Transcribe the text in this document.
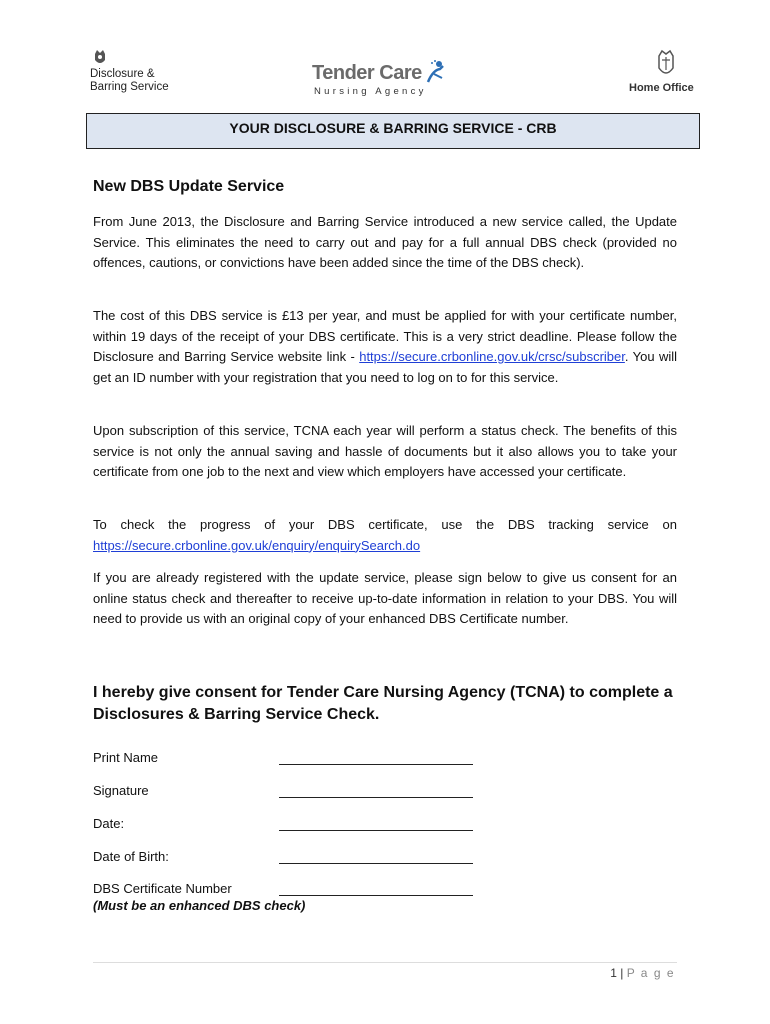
Disclosure &
Barring Service
Tender Care
Nursing Agency	Home Office
YOUR DISCLOSURE & BARRING SERVICE - CRB
New DBS Update Service

From June 2013, the Disclosure and Barring Service introduced a new service called, the Update Service. This eliminates the need to carry out and pay for a full annual DBS check (provided no offences, cautions, or convictions have been added since the time of the DBS check).

The cost of this DBS service is £13 per year, and must be applied for with your certificate number, within 19 days of the receipt of your DBS certificate. This is a very strict deadline. Please follow the Disclosure and Barring Service website link - https://secure.crbonline.gov.uk/crsc/subscriber. You will get an ID number with your registration that you need to log on to for this service.

Upon subscription of this service, TCNA each year will perform a status check. The benefits of this service is not only the annual saving and hassle of documents but it also allows you to take your certificate from one job to the next and view which employers have accessed your certificate.

To check the progress of your DBS certificate, use the DBS tracking service on https://secure.crbonline.gov.uk/enquiry/enquirySearch.do

If you are already registered with the update service, please sign below to give us consent for an online status check and thereafter to receive up-to-date information in relation to your DBS. You will need to provide us with an original copy of your enhanced DBS Certificate number.

I hereby give consent for Tender Care Nursing Agency (TCNA) to complete a Disclosures & Barring Service Check.

Print Name
Signature
Date:
Date of Birth:
DBS Certificate Number
(Must be an enhanced DBS check)
1 | P a g e
